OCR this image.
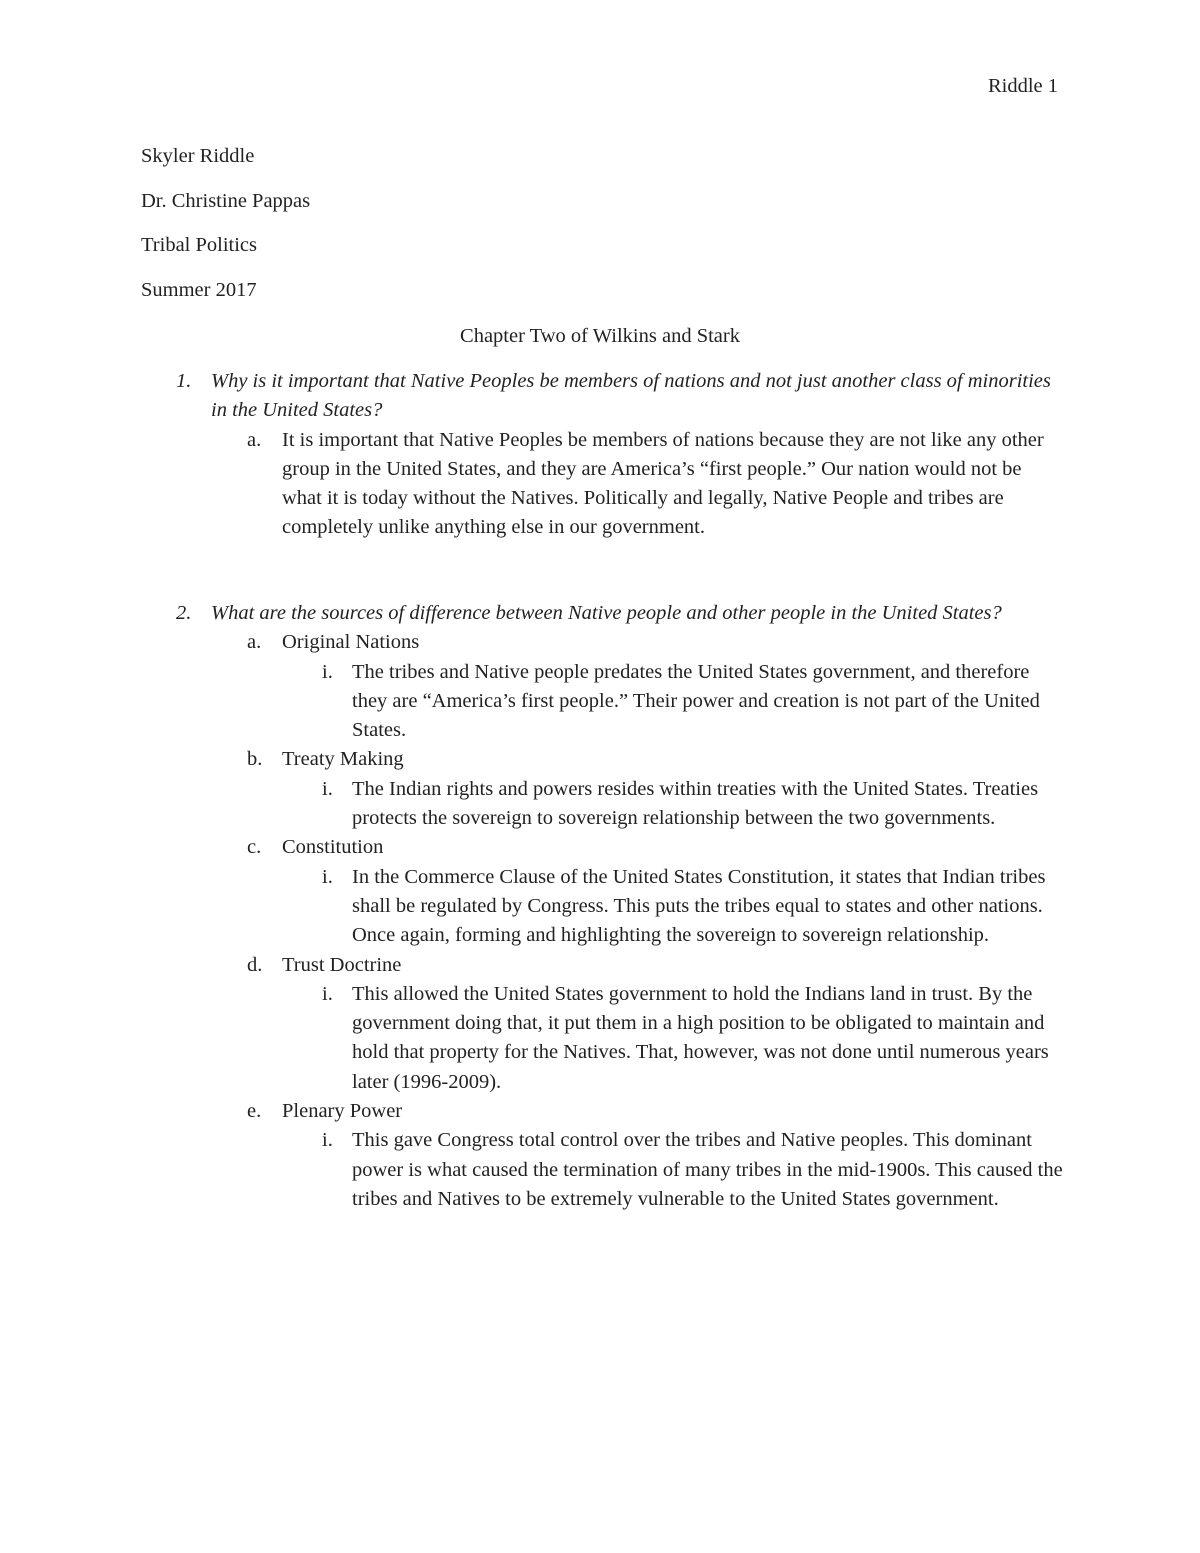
Riddle 1
Skyler Riddle
Dr. Christine Pappas
Tribal Politics
Summer 2017
Chapter Two of Wilkins and Stark
1. Why is it important that Native Peoples be members of nations and not just another class of minorities in the United States?
a. It is important that Native Peoples be members of nations because they are not like any other group in the United States, and they are America’s “first people.” Our nation would not be what it is today without the Natives. Politically and legally, Native People and tribes are completely unlike anything else in our government.
2. What are the sources of difference between Native people and other people in the United States?
a. Original Nations
i. The tribes and Native people predates the United States government, and therefore they are “America’s first people.” Their power and creation is not part of the United States.
b. Treaty Making
i. The Indian rights and powers resides within treaties with the United States. Treaties protects the sovereign to sovereign relationship between the two governments.
c. Constitution
i. In the Commerce Clause of the United States Constitution, it states that Indian tribes shall be regulated by Congress. This puts the tribes equal to states and other nations. Once again, forming and highlighting the sovereign to sovereign relationship.
d. Trust Doctrine
i. This allowed the United States government to hold the Indians land in trust. By the government doing that, it put them in a high position to be obligated to maintain and hold that property for the Natives. That, however, was not done until numerous years later (1996-2009).
e. Plenary Power
i. This gave Congress total control over the tribes and Native peoples. This dominant power is what caused the termination of many tribes in the mid-1900s. This caused the tribes and Natives to be extremely vulnerable to the United States government.
